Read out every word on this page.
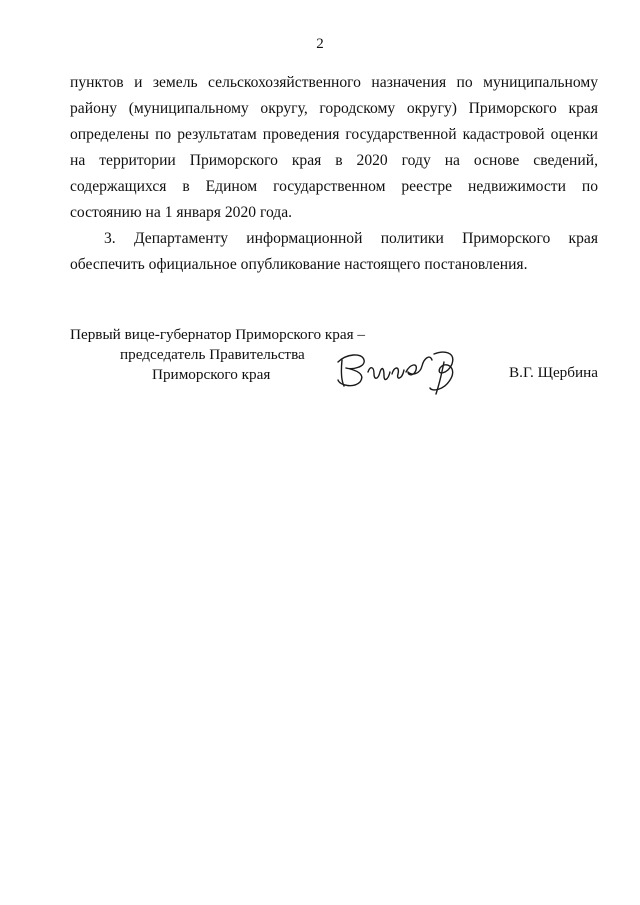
2

пунктов и земель сельскохозяйственного назначения по муниципальному району (муниципальному округу, городскому округу) Приморского края определены по результатам проведения государственной кадастровой оценки на территории Приморского края в 2020 году на основе сведений, содержащихся в Едином государственном реестре недвижимости по состоянию на 1 января 2020 года.

3. Департаменту информационной политики Приморского края обеспечить официальное опубликование настоящего постановления.

Первый вице-губернатор Приморского края –
председатель Правительства
Приморского края	В.Г. Щербина
